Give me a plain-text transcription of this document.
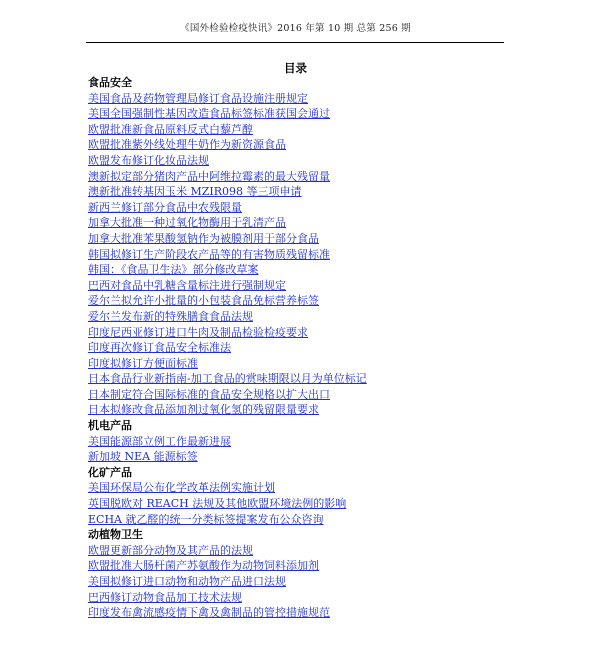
《国外检验检疫快讯》2016 年第 10 期 总第 256 期
目录
食品安全
美国食品及药物管理局修订食品设施注册规定
美国全国强制性基因改造食品标签标准获国会通过
欧盟批准新食品原料反式白藜芦醇
欧盟批准紫外线处理牛奶作为新资源食品
欧盟发布修订化妆品法规
澳新拟定部分猪肉产品中阿维拉霉素的最大残留量
澳新批准转基因玉米 MZIR098 等三项申请
新西兰修订部分食品中农残限量
加拿大批准一种过氧化物酶用于乳清产品
加拿大批准苯果酸氢钠作为被膜剂用于部分食品
韩国拟修订生产阶段农产品等的有害物质残留标准
韩国：《食品卫生法》部分修改草案
巴西对食品中乳糖含量标注进行强制规定
爱尔兰拟允许小批量的小包装食品免标营养标签
爱尔兰发布新的特殊膳食食品法规
印度尼西亚修订进口牛肉及制品检验检疫要求
印度再次修订食品安全标准法
印度拟修订方便面标准
日本食品行业新指南-加工食品的赏味期限以月为单位标记
日本制定符合国际标准的食品安全规格以扩大出口
日本拟修改食品添加剂过氧化氢的残留限量要求
机电产品
美国能源部立例工作最新进展
新加坡 NEA 能源标签
化矿产品
美国环保局公布化学改革法例实施计划
英国脱欧对 REACH 法规及其他欧盟环境法例的影响
ECHA 就乙醛的统一分类标签提案发布公众咨询
动植物卫生
欧盟更新部分动物及其产品的法规
欧盟批准大肠杆菌产苏氨酸作为动物饲料添加剂
美国拟修订进口动物和动物产品进口法规
巴西修订动物食品加工技术法规
印度发布禽流感疫情下禽及禽制品的管控措施规范
